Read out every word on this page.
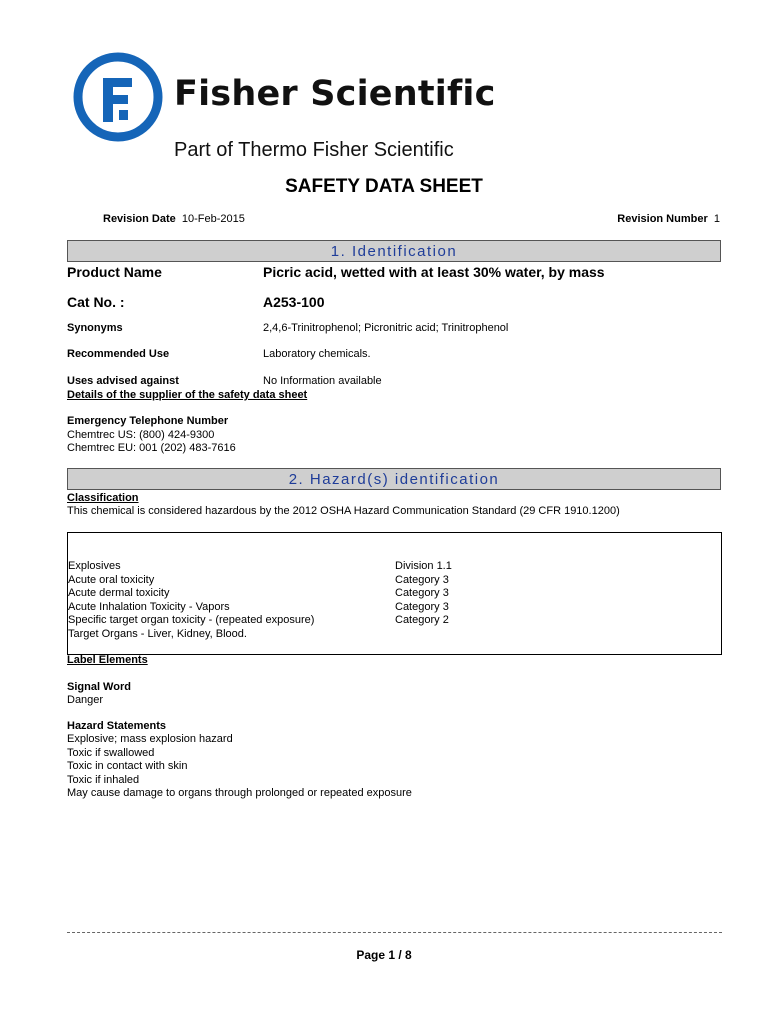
Fisher Scientific
Part of Thermo Fisher Scientific
SAFETY DATA SHEET
Revision Date 10-Feb-2015	Revision Number 1
1. Identification
Product Name	Picric acid, wetted with at least 30% water, by mass
Cat No. :	A253-100
Synonyms	2,4,6-Trinitrophenol; Picronitric acid; Trinitrophenol
Recommended Use	Laboratory chemicals.
Uses advised against	No Information available
Details of the supplier of the safety data sheet
Emergency Telephone Number
Chemtrec US: (800) 424-9300
Chemtrec EU: 001 (202) 483-7616
2. Hazard(s) identification
Classification
This chemical is considered hazardous by the 2012 OSHA Hazard Communication Standard (29 CFR 1910.1200)
Explosives	Division 1.1
Acute oral toxicity	Category 3
Acute dermal toxicity	Category 3
Acute Inhalation Toxicity - Vapors	Category 3
Specific target organ toxicity - (repeated exposure)	Category 2
Target Organs - Liver, Kidney, Blood.
Label Elements
Signal Word
Danger
Hazard Statements
Explosive; mass explosion hazard
Toxic if swallowed
Toxic in contact with skin
Toxic if inhaled
May cause damage to organs through prolonged or repeated exposure
Page 1 / 8
